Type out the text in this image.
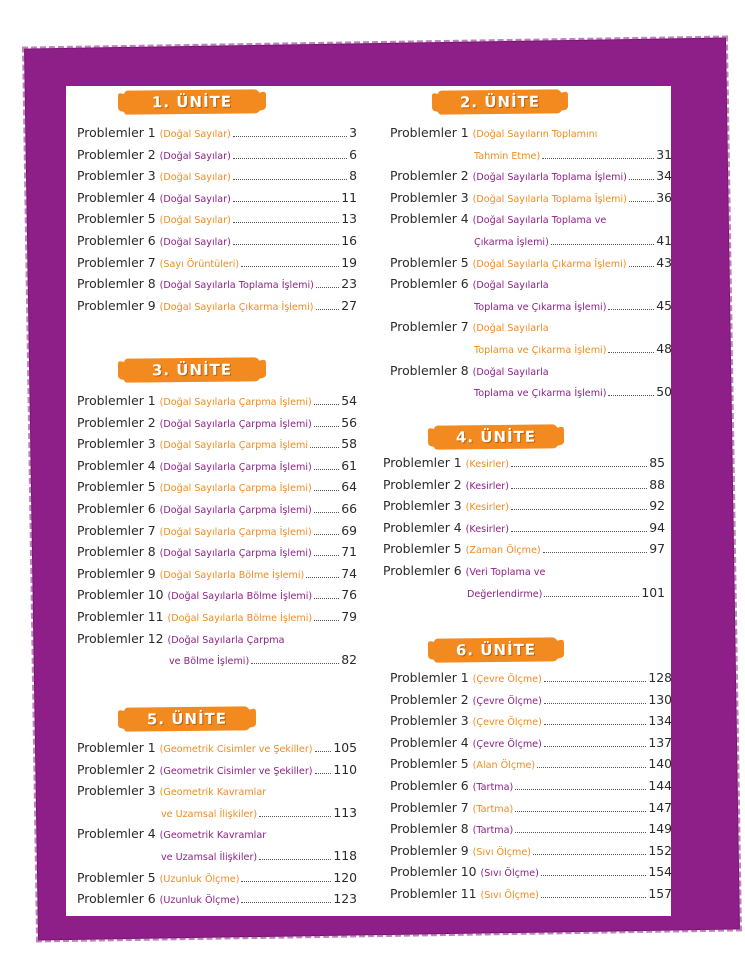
1. ÜNİTE	2. ÜNİTE
3. ÜNİTE
4. ÜNİTE
5. ÜNİTE
6. ÜNİTE
Problemler 1 (Doğal Sayılar)	3
Problemler 2 (Doğal Sayılar)	6
Problemler 3 (Doğal Sayılar)	8
Problemler 4 (Doğal Sayılar)	11
Problemler 5 (Doğal Sayılar)	13
Problemler 6 (Doğal Sayılar)	16
Problemler 7 (Sayı Örüntüleri)	19
Problemler 8 (Doğal Sayılarla Toplama İşlemi) 23
Problemler 9 (Doğal Sayılarla Çıkarma İşlemi) 27
Problemler 1 (Doğal Sayıların Toplamını
Tahmin Etme)	31
Problemler 2 (Doğal Sayılarla Toplama İşlemi) 34
Problemler 3 (Doğal Sayılarla Toplama İşlemi) 36
Problemler 4 (Doğal Sayılarla Toplama ve
Çıkarma İşlemi)	41
Problemler 5 (Doğal Sayılarla Çıkarma İşlemi) 43
Problemler 6 (Doğal Sayılarla
Toplama ve Çıkarma İşlemi)	45
Problemler 7 (Doğal Sayılarla
Toplama ve Çıkarma İşlemi)	48
Problemler 8 (Doğal Sayılarla
Toplama ve Çıkarma İşlemi)	50
Problemler 1 (Doğal Sayılarla Çarpma İşlemi) 54
Problemler 2 (Doğal Sayılarla Çarpma İşlemi) 56
Problemler 3 (Doğal Sayılarla Çarpma İşlemi	58
Problemler 4 (Doğal Sayılarla Çarpma İşlemi) 61
Problemler 5 (Doğal Sayılarla Çarpma İşlemi) 64
Problemler 6 (Doğal Sayılarla Çarpma İşlemi) 66
Problemler 7 (Doğal Sayılarla Çarpma İşlemi) 69
Problemler 8 (Doğal Sayılarla Çarpma İşlemi) 71
Problemler 9 (Doğal Sayılarla Bölme İşlemi)	74
Problemler 10 (Doğal Sayılarla Bölme İşlemi) 76
Problemler 11 (Doğal Sayılarla Bölme İşlemi) 79
Problemler 12 (Doğal Sayılarla Çarpma
ve Bölme İşlemi)	82
Problemler 1 (Kesirler)	85
Problemler 2 (Kesirler)	88
Problemler 3 (Kesirler)	92
Problemler 4 (Kesirler)	94
Problemler 5 (Zaman Ölçme)	97
Problemler 6 (Veri Toplama ve
Değerlendirme)	101
Problemler 1 (Geometrik Cisimler ve Şekiller) 105
Problemler 2 (Geometrik Cisimler ve Şekiller) 110
Problemler 3 (Geometrik Kavramlar
ve Uzamsal İlişkiler)	113
Problemler 4 (Geometrik Kavramlar
ve Uzamsal İlişkiler)	118
Problemler 5 (Uzunluk Ölçme)	120
Problemler 6 (Uzunluk Ölçme)	123
Problemler 1 (Çevre Ölçme)	128
Problemler 2 (Çevre Ölçme)	130
Problemler 3 (Çevre Ölçme)	134
Problemler 4 (Çevre Ölçme)	137
Problemler 5 (Alan Ölçme)	140
Problemler 6 (Tartma)	144
Problemler 7 (Tartma)	147
Problemler 8 (Tartma)	149
Problemler 9 (Sıvı Ölçme)	152
Problemler 10 (Sıvı Ölçme)	154
Problemler 11 (Sıvı Ölçme)	157
